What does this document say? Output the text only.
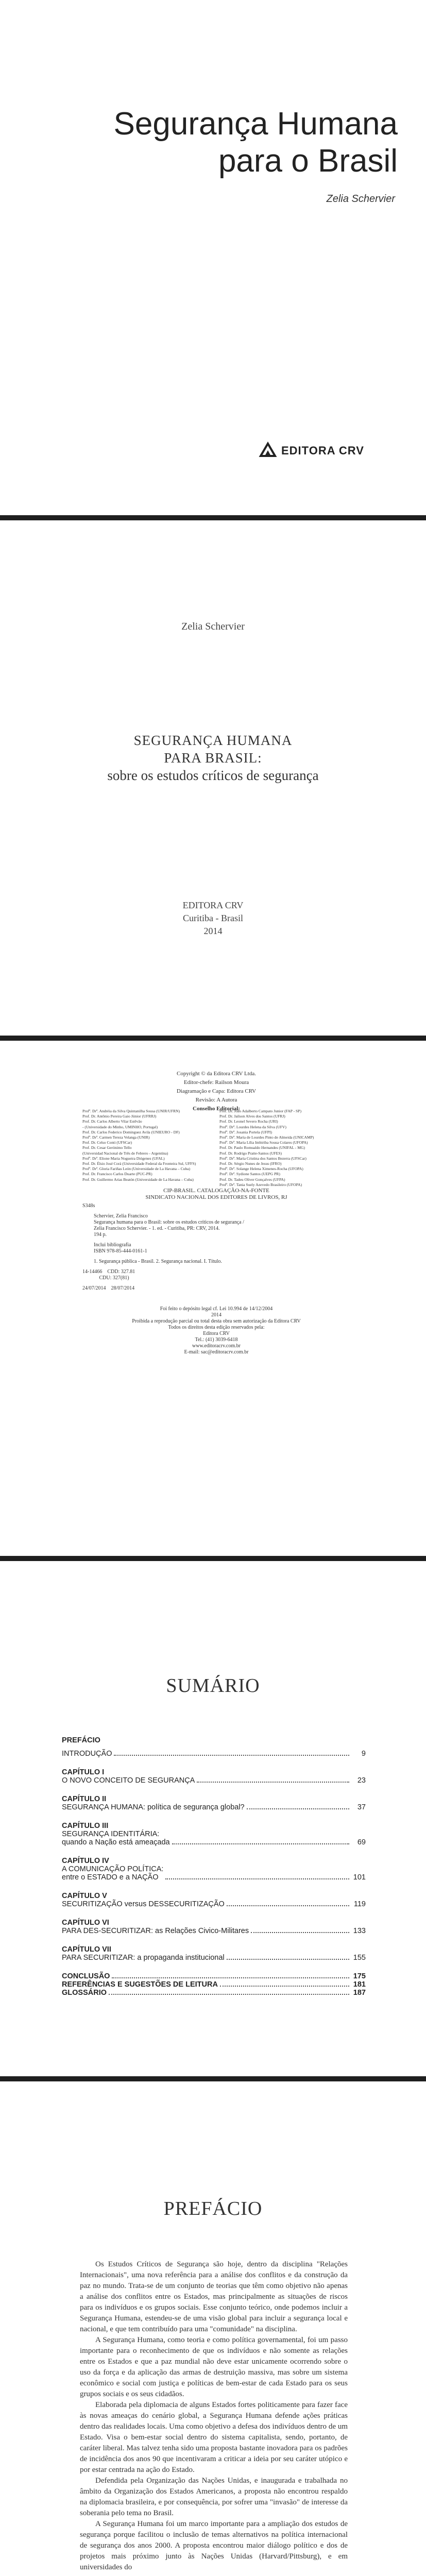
Segurança Humana
para o Brasil
Zelia Schervier
EDITORA CRV
Zelia Schervier
SEGURANÇA HUMANA
PARA BRASIL:
sobre os estudos críticos de segurança
EDITORA CRV
Curitiba - Brasil
2014
Copyright © da Editora CRV Ltda.
Editor-chefe: Railson Moura
Diagramação e Capa: Editora CRV
Revisão: A Autora
Conselho Editorial:
Profª. Drª. Andréia da Silva Quintanilha Sousa (UNIR/UFRN)
Prof. Dr. Antônio Pereira Gaio Júnior (UFRRJ)
Prof. Dr. Carlos Alberto Vilar Estêvão
- (Universidade do Minho, UMINHO, Portugal)
Prof. Dr. Carlos Federico Dominguez Avila (UNIEURO - DF)
Profª. Drª. Carmen Tereza Velanga (UNIR)
Prof. Dr. Celso Conti (UFSCar)
Prof. Dr. Cesar Gerónimo Tello
(Universidad Nacional de Três de Febrero - Argentina)
Profª. Drª. Elione Maria Nogueira Diógenes (UFAL)
Prof. Dr. Élsio José Corá (Universidade Federal da Fronteira Sul, UFFS)
Profª. Drª. Gloria Fariñas León (Universidade de La Havana – Cuba)
Prof. Dr. Francisco Carlos Duarte (PUC-PR)
Prof. Dr. Guillermo Arias Beatón (Universidade de La Havana – Cuba)
Prof. Dr. João Adalberto Campato Junior (FAP - SP)
Prof. Dr. Jailson Alves dos Santos (UFRJ)
Prof. Dr. Leonel Severo Rocha (URI)
Profª. Drª. Lourdes Helena da Silva (UFV)
Profª. Drª. Josania Portela (UFPI)
Profª. Drª. Maria de Lourdes Pinto de Almeida (UNICAMP)
Profª. Drª. Maria Lília Imbiriba Sousa Colares (UFOPA)
Prof. Dr. Paulo Romualdo Hernandes (UNIFAL - MG)
Prof. Dr. Rodrigo Pratte-Santos (UFES)
Profª. Drª. Maria Cristina dos Santos Bezerra (UFSCar)
Prof. Dr. Sérgio Nunes de Jesus (IFRO)
Profª. Drª. Solange Helena Ximenes-Rocha (UFOPA)
Profª. Drª. Sydione Santos (UEPG PR)
Prof. Dr. Tadeu Oliver Gonçalves (UFPA)
Profª. Drª. Tania Suely Azevedo Brasileiro (UFOPA)
CIP-BRASIL. CATALOGAÇÃO-NA-FONTE
SINDICATO NACIONAL DOS EDITORES DE LIVROS, RJ
S348s
Schervier, Zelia Francisco
Segurança humana para o Brasil: sobre os estudos críticos de segurança /
Zelia Francisco Schervier. - 1. ed. - Curitiba, PR: CRV, 2014.
194 p.
Inclui bibliografia
ISBN 978-85-444-0161-1
1. Segurança pública - Brasil. 2. Segurança nacional. I. Título.
14-14466    CDD: 327.81
CDU: 327(81)
24/07/2014    28/07/2014
Foi feito o depósito legal cf. Lei 10.994 de 14/12/2004
2014
Proibida a reprodução parcial ou total desta obra sem autorização da Editora CRV
Todos os direitos desta edição reservados pela:
Editora CRV
Tel.: (41) 3039-6418
www.editoracrv.com.br
E-mail: sac@editoracrv.com.br
SUMÁRIO
PREFÁCIO
INTRODUÇÃO	9
CAPÍTULO I
O NOVO CONCEITO DE SEGURANÇA	23
CAPÍTULO II
SEGURANÇA HUMANA: política de segurança global?	37
CAPÍTULO III
SEGURANÇA IDENTITÁRIA:
quando a Nação está ameaçada	69
CAPÍTULO IV
A COMUNICAÇÃO POLÍTICA:
entre o ESTADO e a NAÇÃO	101
CAPÍTULO V
SECURITIZAÇÃO versus DESSECURITIZAÇÃO	119
CAPÍTULO VI
PARA DES-SECURITIZAR: as Relações Civico-Militares	133
CAPÍTULO VII
PARA SECURITIZAR: a propaganda institucional	155
CONCLUSÃO	175
REFERÊNCIAS E SUGESTÕES DE LEITURA	181
GLOSSÁRIO	187
PREFÁCIO

Os Estudos Críticos de Segurança são hoje, dentro da disciplina "Relações Internacionais", uma nova referência para a análise dos conflitos e da construção da paz no mundo. Trata-se de um conjunto de teorias que têm como objetivo não apenas a análise dos conflitos entre os Estados, mas principalmente as situações de riscos para os indivíduos e os grupos sociais. Esse conjunto teórico, onde podemos incluir a Segurança Humana, estendeu-se de uma visão global para incluir a segurança local e nacional, e que tem contribuído para uma "comunidade" na disciplina.

A Segurança Humana, como teoria e como política governamental, foi um passo importante para o reconhecimento de que os indivíduos e não somente as relações entre os Estados e que a paz mundial não deve estar unicamente ocorrendo sobre o uso da força e da aplicação das armas de destruição massiva, mas sobre um sistema econômico e social com justiça e políticas de bem-estar de cada Estado para os seus grupos sociais e os seus cidadãos.

Elaborada pela diplomacia de alguns Estados fortes politicamente para fazer face às novas ameaças do cenário global, a Segurança Humana defende ações práticas dentro das realidades locais. Uma como objetivo a defesa dos indivíduos dentro de um Estado. Visa o bem-estar social dentro do sistema capitalista, sendo, portanto, de caráter liberal. Mas talvez tenha sido uma proposta bastante inovadora para os padrões de incidência dos anos 90 que incentivaram a criticar a ideia por seu caráter utópico e por estar centrada na ação do Estado.

Defendida pela Organização das Nações Unidas, e inaugurada e trabalhada no âmbito da Organização dos Estados Americanos, a proposta não encontrou respaldo na diplomacia brasileira, e por consequência, por sofrer uma "invasão" de interesse da soberania pelo tema no Brasil.

A Segurança Humana foi um marco importante para a ampliação dos estudos de segurança porque facilitou o inclusão de temas alternativos na política internacional de segurança dos anos 2000. A proposta encontrou maior diálogo político e dos de projetos mais próximo junto às Nações Unidas (Harvard/Pittsburg), e em universidades do
